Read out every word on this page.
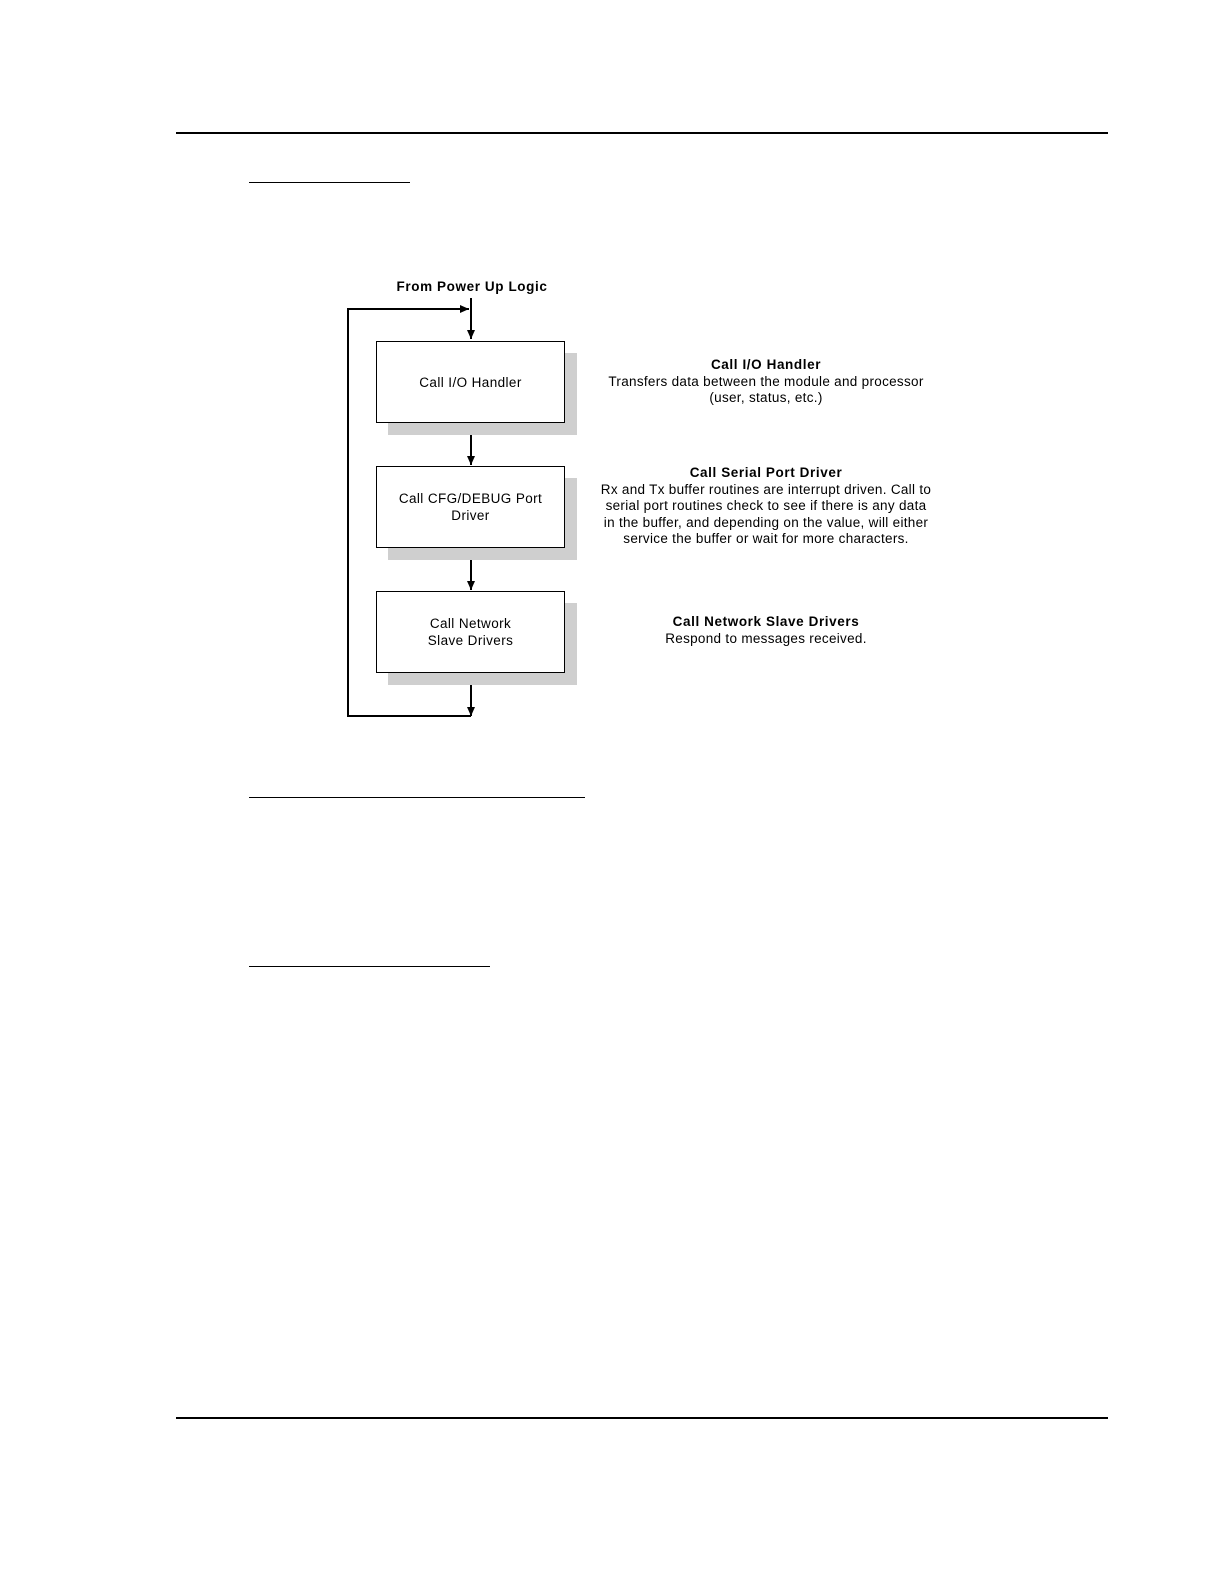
From Power Up Logic
Call I/O Handler
Call CFG/DEBUG Port
Driver
Call Network
Slave Drivers
Call I/O Handler
Transfers data between the module and processor
(user, status, etc.)
Call Serial Port Driver
Rx and Tx buffer routines are interrupt driven. Call to
serial port routines check to see if there is any data
in the buffer, and depending on the value, will either
service the buffer or wait for more characters.
Call Network Slave Drivers
Respond to messages received.
